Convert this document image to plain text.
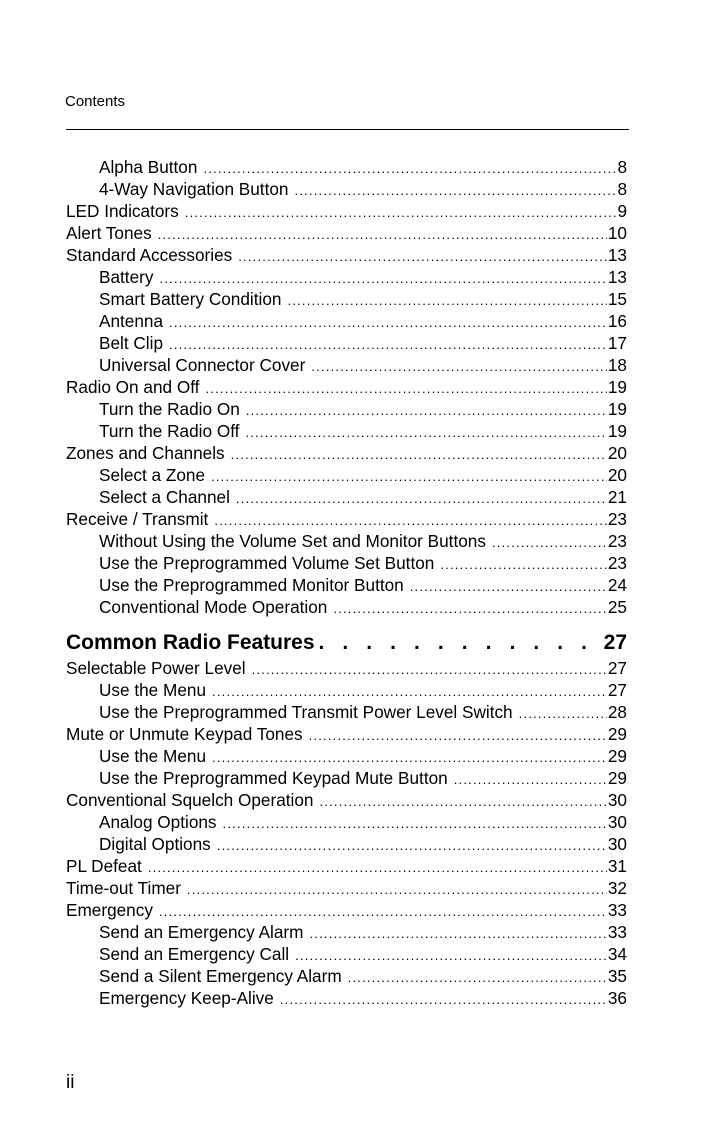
Contents
Alpha Button .....	8
4-Way Navigation Button .....	8
LED Indicators .....	9
Alert Tones .....	10
Standard Accessories .....	13
Battery .....	13
Smart Battery Condition .....	15
Antenna .....	16
Belt Clip .....	17
Universal Connector Cover .....	18
Radio On and Off .....	19
Turn the Radio On .....	19
Turn the Radio Off .....	19
Zones and Channels .....	20
Select a Zone .....	20
Select a Channel .....	21
Receive / Transmit .....	23
Without Using the Volume Set and Monitor Buttons .....	23
Use the Preprogrammed Volume Set Button .....	23
Use the Preprogrammed Monitor Button .....	24
Conventional Mode Operation .....	25
Common Radio Features . . .	27
Selectable Power Level .....	27
Use the Menu .....	27
Use the Preprogrammed Transmit Power Level Switch .....	28
Mute or Unmute Keypad Tones .....	29
Use the Menu .....	29
Use the Preprogrammed Keypad Mute Button .....	29
Conventional Squelch Operation .....	30
Analog Options .....	30
Digital Options .....	30
PL Defeat .....	31
Time-out Timer .....	32
Emergency .....	33
Send an Emergency Alarm .....	33
Send an Emergency Call .....	34
Send a Silent Emergency Alarm .....	35
Emergency Keep-Alive .....	36
ii
